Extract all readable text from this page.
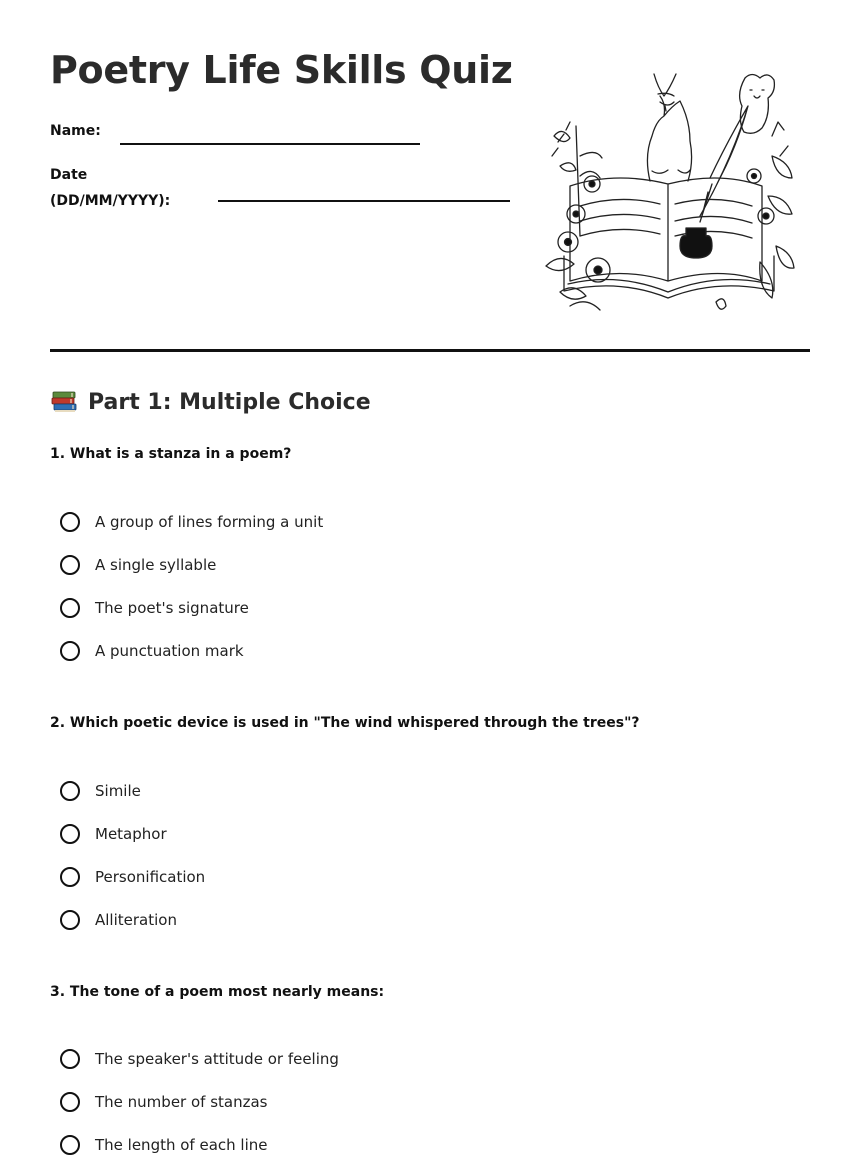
Poetry Life Skills Quiz
Name:
Date
(DD/MM/YYYY):
Part 1: Multiple Choice
1. What is a stanza in a poem?
A group of lines forming a unit
A single syllable
The poet's signature
A punctuation mark
2. Which poetic device is used in "The wind whispered through the trees"?
Simile
Metaphor
Personification
Alliteration
3. The tone of a poem most nearly means:
The speaker's attitude or feeling
The number of stanzas
The length of each line
